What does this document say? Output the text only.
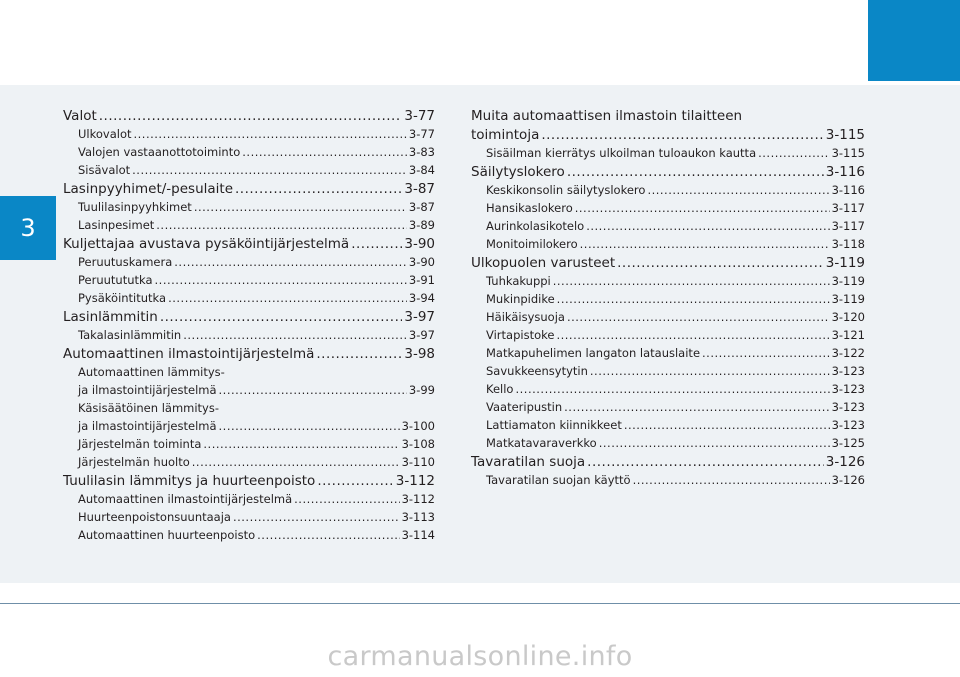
3
Valot .....	3-77
Ulkovalot .....	3-77
Valojen vastaanottotoiminto .....	3-83
Sisävalot .....	3-84
Lasinpyyhimet/-pesulaite .....	3-87
Tuulilasinpyyhkimet .....	3-87
Lasinpesimet .....	3-89
Kuljettajaa avustava pysäköintijärjestelmä .....	3-90
Peruutuskamera .....	3-90
Peruutututka .....	3-91
Pysäköintitutka .....	3-94
Lasinlämmitin .....	3-97
Takalasinlämmitin .....	3-97
Automaattinen ilmastointijärjestelmä .....	3-98
Automaattinen lämmitys-
ja ilmastointijärjestelmä .....	3-99
Käsisäätöinen lämmitys-
ja ilmastointijärjestelmä .....	3-100
Järjestelmän toiminta .....	3-108
Järjestelmän huolto .....	3-110
Tuulilasin lämmitys ja huurteenpoisto .....	3-112
Automaattinen ilmastointijärjestelmä .....	3-112
Huurteenpoistonsuuntaaja .....	3-113
Automaattinen huurteenpoisto .....	3-114
Muita automaattisen ilmastoin tilaitteen
toimintoja .....	3-115
Sisäilman kierrätys ulkoilman tuloaukon kautta .....	3-115
Säilytyslokero .....	3-116
Keskikonsolin säilytyslokero .....	3-116
Hansikaslokero .....	3-117
Aurinkolasikotelo .....	3-117
Monitoimilokero .....	3-118
Ulkopuolen varusteet .....	3-119
Tuhkakuppi .....	3-119
Mukinpidike .....	3-119
Häikäisysuoja .....	3-120
Virtapistoke .....	3-121
Matkapuhelimen langaton latauslaite .....	3-122
Savukkeensytytin .....	3-123
Kello .....	3-123
Vaateripustin .....	3-123
Lattiamaton kiinnikkeet .....	3-123
Matkatavaraverkko .....	3-125
Tavaratilan suoja .....	3-126
Tavaratilan suojan käyttö .....	3-126
carmanualsonline.info
